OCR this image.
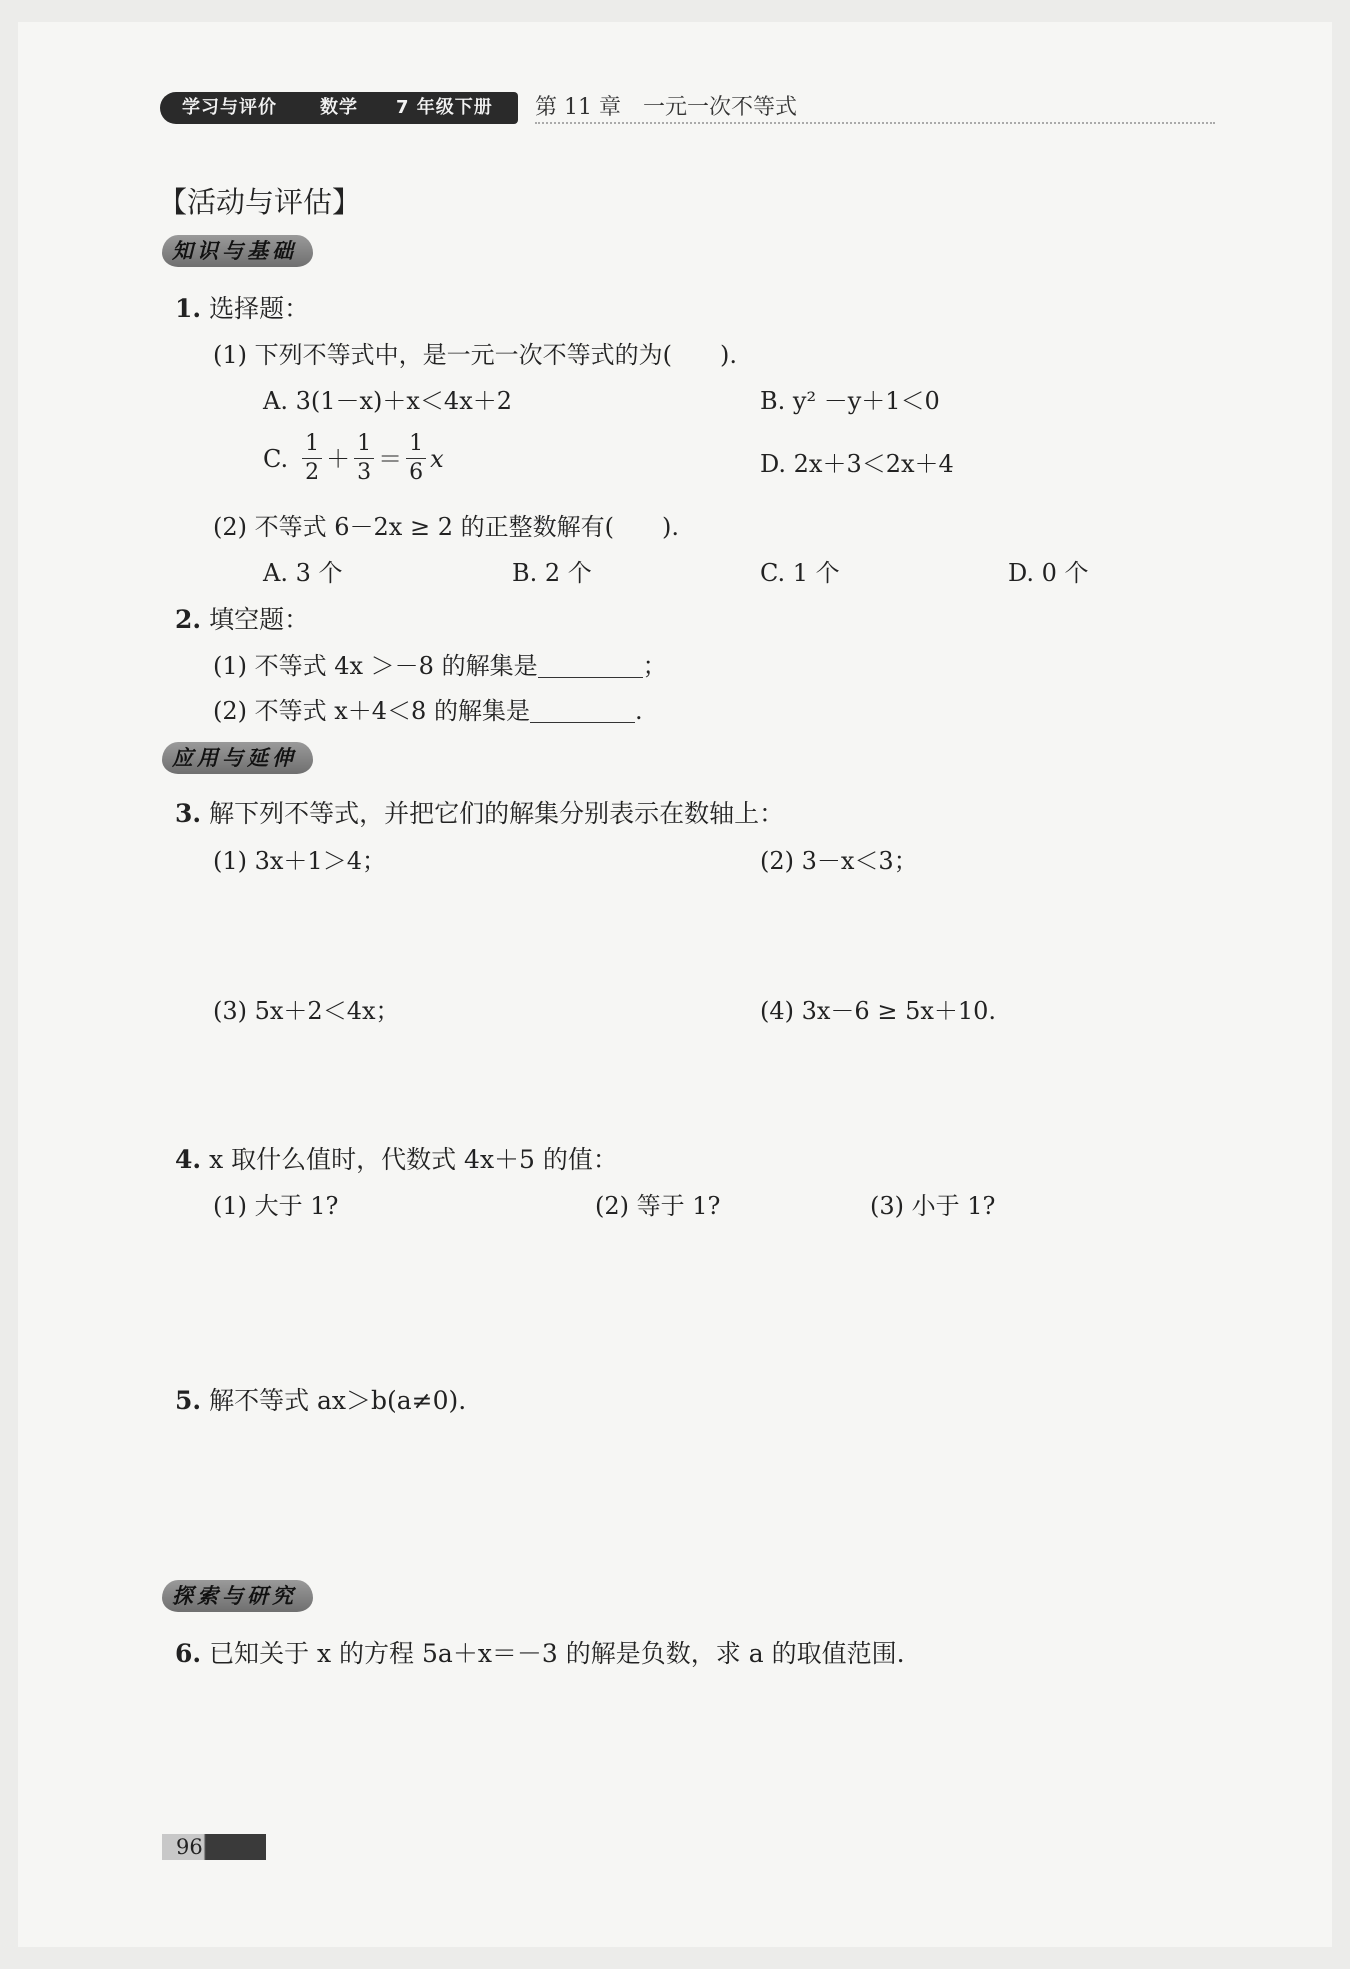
学习与评价 数学 7 年级下册 第 11 章　一元一次不等式
【活动与评估】
知识与基础
1. 选择题：
(1) 下列不等式中，是一元一次不等式的为(　　).
A. 3(1－x)＋x＜4x＋2	B. y² －y＋1＜0
C. $\frac{1}{2} + \frac{1}{3} = \frac{1}{6}$ x	D. 2x＋3＜2x＋4
(2) 不等式 6－2x ≥ 2 的正整数解有(　　).
A. 3 个	B. 2 个	C. 1 个	D. 0 个
2. 填空题：
(1) 不等式 4x ＞－8 的解集是	；
(2) 不等式 x＋4＜8 的解集是	.
应用与延伸
3. 解下列不等式，并把它们的解集分别表示在数轴上：
(1) 3x＋1＞4；	(2) 3－x＜3；
(3) 5x＋2＜4x；	(4) 3x－6 ≥ 5x＋10.
4. x 取什么值时，代数式 4x＋5 的值：
(1) 大于 1?	(2) 等于 1?	(3) 小于 1?
5. 解不等式 ax＞b(a≠0).
探索与研究
6. 已知关于 x 的方程 5a＋x＝－3 的解是负数，求 a 的取值范围.
96
